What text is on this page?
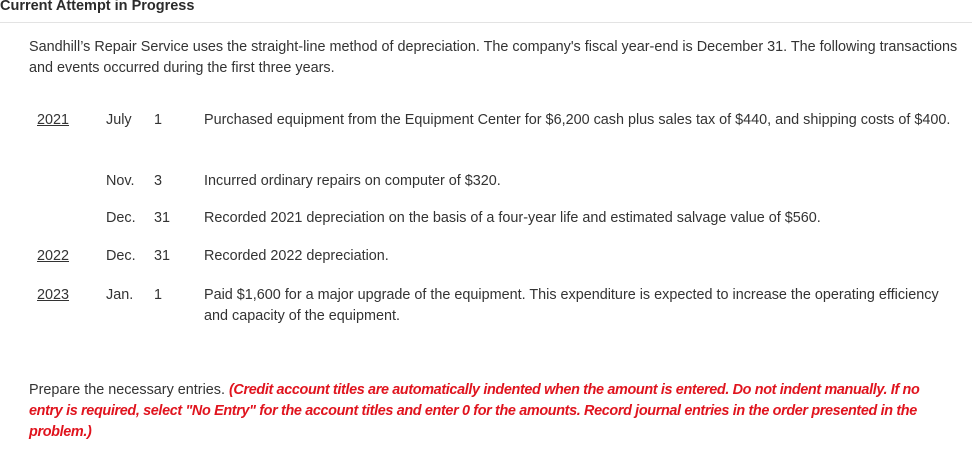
Current Attempt in Progress
Sandhill’s Repair Service uses the straight-line method of depreciation. The company's fiscal year-end is December 31. The following transactions and events occurred during the first three years.
2021	July 1	Purchased equipment from the Equipment Center for $6,200 cash plus sales tax of $440, and shipping costs of $400.
Nov. 3	Incurred ordinary repairs on computer of $320.
Dec. 31 Recorded 2021 depreciation on the basis of a four-year life and estimated salvage value of $560.
2022	Dec. 31 Recorded 2022 depreciation.
2023	Jan. 1	Paid $1,600 for a major upgrade of the equipment. This expenditure is expected to increase the operating efficiency and capacity of the equipment.
Prepare the necessary entries. (Credit account titles are automatically indented when the amount is entered. Do not indent manually. If no entry is required, select "No Entry" for the account titles and enter 0 for the amounts. Record journal entries in the order presented in the problem.)
